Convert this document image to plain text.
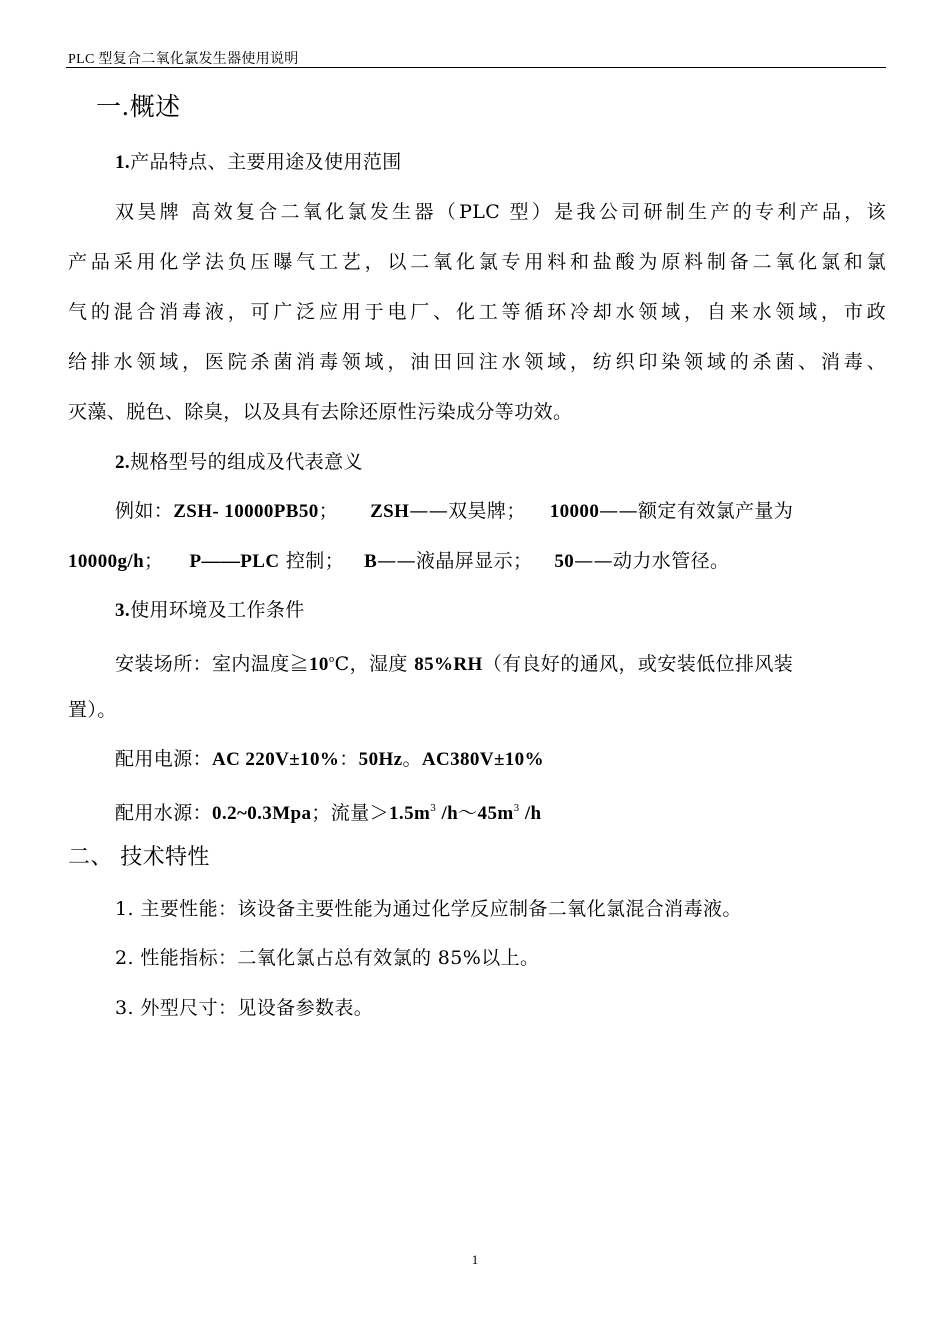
PLC 型复合二氧化氯发生器使用说明
一.概述
1.产品特点、主要用途及使用范围
双昊牌 高效复合二氧化氯发生器（PLC 型）是我公司研制生产的专利产品，该
产品采用化学法负压曝气工艺，以二氧化氯专用料和盐酸为原料制备二氧化氯和氯
气的混合消毒液，可广泛应用于电厂、化工等循环冷却水领域，自来水领域，市政
给排水领域，医院杀菌消毒领域，油田回注水领域，纺织印染领域的杀菌、消毒、
灭藻、脱色、除臭，以及具有去除还原性污染成分等功效。
2.规格型号的组成及代表意义
例如：ZSH- 10000PB50； ZSH——双昊牌； 10000——额定有效氯产量为
10000g/h； P——PLC 控制； B——液晶屏显示； 50——动力水管径。
3.使用环境及工作条件
安装场所：室内温度≧10$^o$C，湿度 85%RH（有良好的通风，或安装低位排风装
置）。
配用电源：AC 220V±10%：50Hz。AC380V±10%
配用水源：0.2~0.3Mpa；流量$>1.5m^3$ $/h\sim 45m^3$ /h
二、 技术特性
1. 主要性能：该设备主要性能为通过化学反应制备二氧化氯混合消毒液。
2. 性能指标：二氧化氯占总有效氯的 85%以上。
3. 外型尺寸：见设备参数表。
1
